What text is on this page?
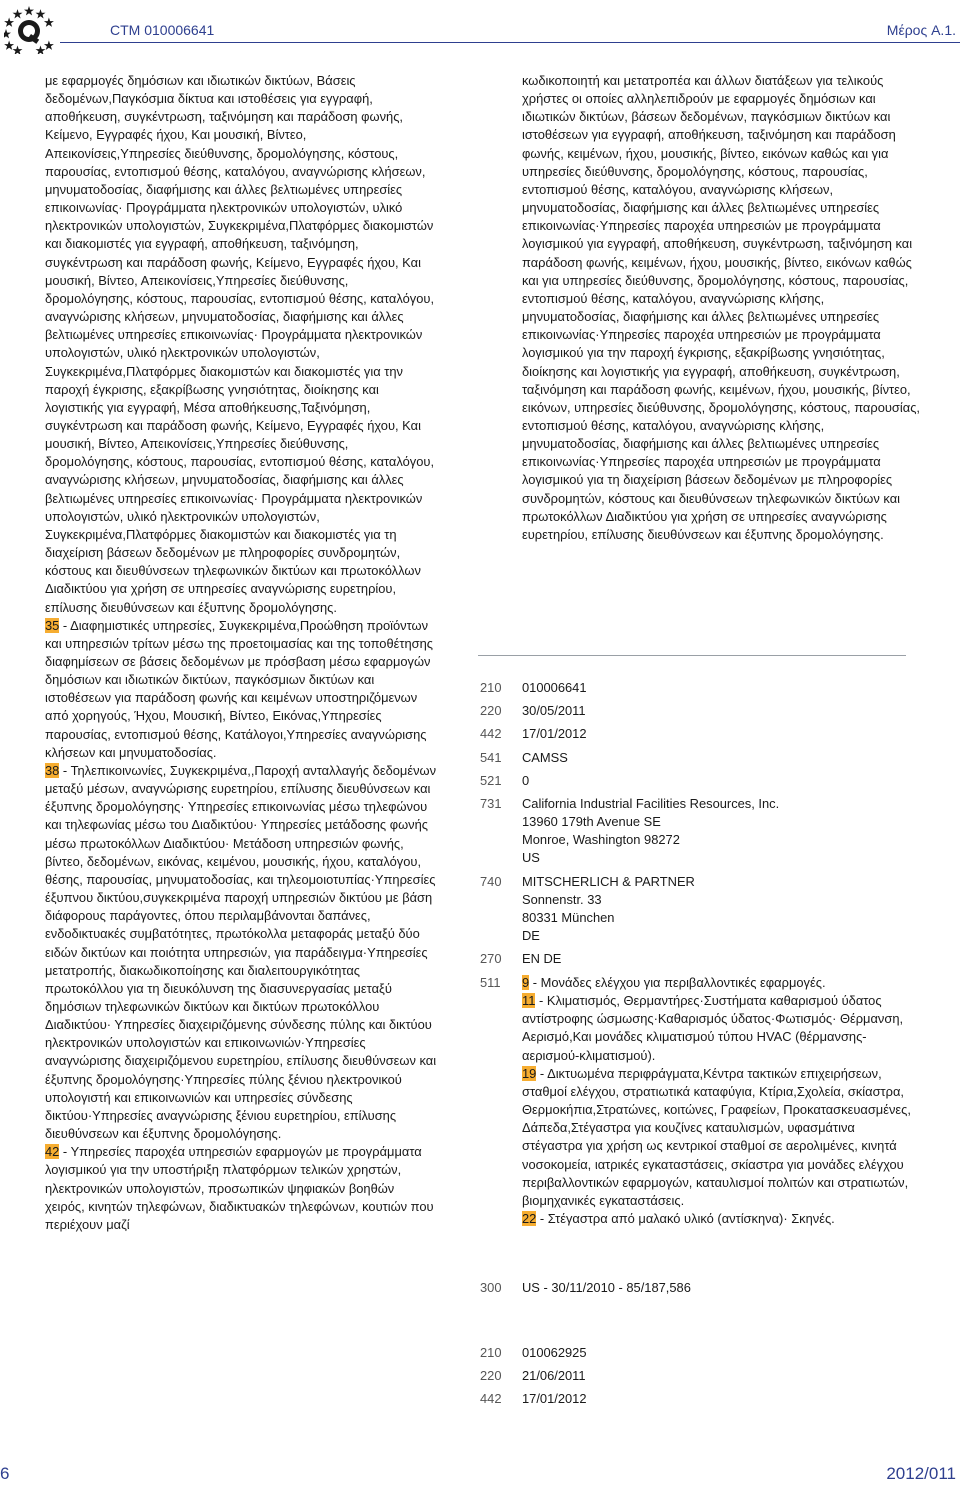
CTM 010006641	Μέρος A.1.

με εφαρμογές δημόσιων και ιδιωτικών δικτύων, Βάσεις δεδομένων,Παγκόσμια δίκτυα και ιστοθέσεις για εγγραφή, αποθήκευση, συγκέντρωση, ταξινόμηση και παράδοση φωνής, Κείμενο, Εγγραφές ήχου, Και μουσική, Βίντεο, Απεικονίσεις,Υπηρεσίες διεύθυνσης, δρομολόγησης, κόστους, παρουσίας, εντοπισμού θέσης, καταλόγου, αναγνώρισης κλήσεων, μηνυματοδοσίας, διαφήμισης και άλλες βελτιωμένες υπηρεσίες επικοινωνίας· Προγράμματα ηλεκτρονικών υπολογιστών, υλικό ηλεκτρονικών υπολογιστών, Συγκεκριμένα,Πλατφόρμες διακομιστών και διακομιστές για εγγραφή, αποθήκευση, ταξινόμηση, συγκέντρωση και παράδοση φωνής, Κείμενο, Εγγραφές ήχου, Και μουσική, Βίντεο, Απεικονίσεις,Υπηρεσίες διεύθυνσης, δρομολόγησης, κόστους, παρουσίας, εντοπισμού θέσης, καταλόγου, αναγνώρισης κλήσεων, μηνυματοδοσίας, διαφήμισης και άλλες βελτιωμένες υπηρεσίες επικοινωνίας· Προγράμματα ηλεκτρονικών υπολογιστών, υλικό ηλεκτρονικών υπολογιστών, Συγκεκριμένα,Πλατφόρμες διακομιστών και διακομιστές για την παροχή έγκρισης, εξακρίβωσης γνησιότητας, διοίκησης και λογιστικής για εγγραφή, Μέσα αποθήκευσης,Ταξινόμηση, συγκέντρωση και παράδοση φωνής, Κείμενο, Εγγραφές ήχου, Και μουσική, Βίντεο, Απεικονίσεις,Υπηρεσίες διεύθυνσης, δρομολόγησης, κόστους, παρουσίας, εντοπισμού θέσης, καταλόγου, αναγνώρισης κλήσεων, μηνυματοδοσίας, διαφήμισης και άλλες βελτιωμένες υπηρεσίες επικοινωνίας· Προγράμματα ηλεκτρονικών υπολογιστών, υλικό ηλεκτρονικών υπολογιστών, Συγκεκριμένα,Πλατφόρμες διακομιστών και διακομιστές για τη διαχείριση βάσεων δεδομένων με πληροφορίες συνδρομητών, κόστους και διευθύνσεων τηλεφωνικών δικτύων και πρωτοκόλλων Διαδικτύου για χρήση σε υπηρεσίες αναγνώρισης ευρετηρίου, επίλυσης διευθύνσεων και έξυπνης δρομολόγησης.

35 - Διαφημιστικές υπηρεσίες, Συγκεκριμένα,Προώθηση προϊόντων και υπηρεσιών τρίτων μέσω της προετοιμασίας και της τοποθέτησης διαφημίσεων σε βάσεις δεδομένων με πρόσβαση μέσω εφαρμογών δημόσιων και ιδιωτικών δικτύων, παγκόσμιων δικτύων και ιστοθέσεων για παράδοση φωνής και κειμένων υποστηριζόμενων από χορηγούς, Ήχου, Μουσική, Βίντεο, Εικόνας,Υπηρεσίες παρουσίας, εντοπισμού θέσης, Κατάλογοι,Υπηρεσίες αναγνώρισης κλήσεων και μηνυματοδοσίας.

38 - Τηλεπικοινωνίες, Συγκεκριμένα,,Παροχή ανταλλαγής δεδομένων μεταξύ μέσων, αναγνώρισης ευρετηρίου, επίλυσης διευθύνσεων και έξυπνης δρομολόγησης· Υπηρεσίες επικοινωνίας μέσω τηλεφώνου και τηλεφωνίας μέσω του Διαδικτύου· Υπηρεσίες μετάδοσης φωνής μέσω πρωτοκόλλων Διαδικτύου· Μετάδοση υπηρεσιών φωνής, βίντεο, δεδομένων, εικόνας, κειμένου, μουσικής, ήχου, καταλόγου, θέσης, παρουσίας, μηνυματοδοσίας, και τηλεομοιοτυπίας·Υπηρεσίες έξυπνου δικτύου,συγκεκριμένα παροχή υπηρεσιών δικτύου με βάση διάφορους παράγοντες, όπου περιλαμβάνονται δαπάνες, ενδοδικτυακές συμβατότητες, πρωτόκολλα μεταφοράς μεταξύ δύο ειδών δικτύων και ποιότητα υπηρεσιών, για παράδειγμα·Υπηρεσίες μετατροπής, διακωδικοποίησης και διαλειτουργικότητας πρωτοκόλλου για τη διευκόλυνση της διασυνεργασίας μεταξύ δημόσιων τηλεφωνικών δικτύων και δικτύων πρωτοκόλλου Διαδικτύου· Υπηρεσίες διαχειριζόμενης σύνδεσης πύλης και δικτύου ηλεκτρονικών υπολογιστών και επικοινωνιών·Υπηρεσίες αναγνώρισης διαχειριζόμενου ευρετηρίου, επίλυσης διευθύνσεων και έξυπνης δρομολόγησης·Υπηρεσίες πύλης ξένιου ηλεκτρονικού υπολογιστή και επικοινωνιών και υπηρεσίες σύνδεσης δικτύου·Υπηρεσίες αναγνώρισης ξένιου ευρετηρίου, επίλυσης διευθύνσεων και έξυπνης δρομολόγησης.

42 - Υπηρεσίες παροχέα υπηρεσιών εφαρμογών με προγράμματα λογισμικού για την υποστήριξη πλατφόρμων τελικών χρηστών, ηλεκτρονικών υπολογιστών, προσωπικών ψηφιακών βοηθών χειρός, κινητών τηλεφώνων, διαδικτυακών τηλεφώνων, κουτιών που περιέχουν μαζί

κωδικοποιητή και μετατροπέα και άλλων διατάξεων για τελικούς χρήστες οι οποίες αλληλεπιδρούν με εφαρμογές δημόσιων και ιδιωτικών δικτύων, βάσεων δεδομένων, παγκόσμιων δικτύων και ιστοθέσεων για εγγραφή, αποθήκευση, ταξινόμηση και παράδοση φωνής, κειμένων, ήχου, μουσικής, βίντεο, εικόνων καθώς και για υπηρεσίες διεύθυνσης, δρομολόγησης, κόστους, παρουσίας, εντοπισμού θέσης, καταλόγου, αναγνώρισης κλήσεων, μηνυματοδοσίας, διαφήμισης και άλλες βελτιωμένες υπηρεσίες επικοινωνίας·Υπηρεσίες παροχέα υπηρεσιών με προγράμματα λογισμικού για εγγραφή, αποθήκευση, συγκέντρωση, ταξινόμηση και παράδοση φωνής, κειμένων, ήχου, μουσικής, βίντεο, εικόνων καθώς και για υπηρεσίες διεύθυνσης, δρομολόγησης, κόστους, παρουσίας, εντοπισμού θέσης, καταλόγου, αναγνώρισης κλήσης, μηνυματοδοσίας, διαφήμισης και άλλες βελτιωμένες υπηρεσίες επικοινωνίας·Υπηρεσίες παροχέα υπηρεσιών με προγράμματα λογισμικού για την παροχή έγκρισης, εξακρίβωσης γνησιότητας, διοίκησης και λογιστικής για εγγραφή, αποθήκευση, συγκέντρωση, ταξινόμηση και παράδοση φωνής, κειμένων, ήχου, μουσικής, βίντεο, εικόνων, υπηρεσίες διεύθυνσης, δρομολόγησης, κόστους, παρουσίας, εντοπισμού θέσης, καταλόγου, αναγνώρισης κλήσης, μηνυματοδοσίας, διαφήμισης και άλλες βελτιωμένες υπηρεσίες επικοινωνίας·Υπηρεσίες παροχέα υπηρεσιών με προγράμματα λογισμικού για τη διαχείριση βάσεων δεδομένων με πληροφορίες συνδρομητών, κόστους και διευθύνσεων τηλεφωνικών δικτύων και πρωτοκόλλων Διαδικτύου για χρήση σε υπηρεσίες αναγνώρισης ευρετηρίου, επίλυσης διευθύνσεων και έξυπνης δρομολόγησης.

210	010006641
220	30/05/2011
442	17/01/2012
541	CAMSS
521	0
731	California Industrial Facilities Resources, Inc.
13960 179th Avenue SE
Monroe, Washington 98272
US
740	MITSCHERLICH & PARTNER
Sonnenstr. 33
80331 München
DE
270	EN DE
511	9 - Μονάδες ελέγχου για περιβαλλοντικές εφαρμογές.
11 - Κλιματισμός, Θερμαντήρες·Συστήματα καθαρισμού ύδατος αντίστροφης ώσμωσης·Καθαρισμός ύδατος·Φωτισμός· Θέρμανση, Αερισμό,Και μονάδες κλιματισμού τύπου HVAC (θέρμανσης-αερισμού-κλιματισμού).
19 - Δικτυωμένα περιφράγματα,Κέντρα τακτικών επιχειρήσεων, σταθμοί ελέγχου, στρατιωτικά καταφύγια, Κτίρια,Σχολεία, σκίαστρα, Θερμοκήπια,Στρατώνες, κοιτώνες, Γραφείων, Προκατασκευασμένες, Δάπεδα,Στέγαστρα για κουζίνες καταυλισμών, υφασμάτινα στέγαστρα για χρήση ως κεντρικοί σταθμοί σε αερολιμένες, κινητά νοσοκομεία, ιατρικές εγκαταστάσεις, σκίαστρα για μονάδες ελέγχου περιβαλλοντικών εφαρμογών, καταυλισμοί πολιτών και στρατιωτών, βιομηχανικές εγκαταστάσεις.
22 - Στέγαστρα από μαλακό υλικό (αντίσκηνα)· Σκηνές.
300	US - 30/11/2010 - 85/187,586
210	010062925
220	21/06/2011
442	17/01/2012
6	2012/011
